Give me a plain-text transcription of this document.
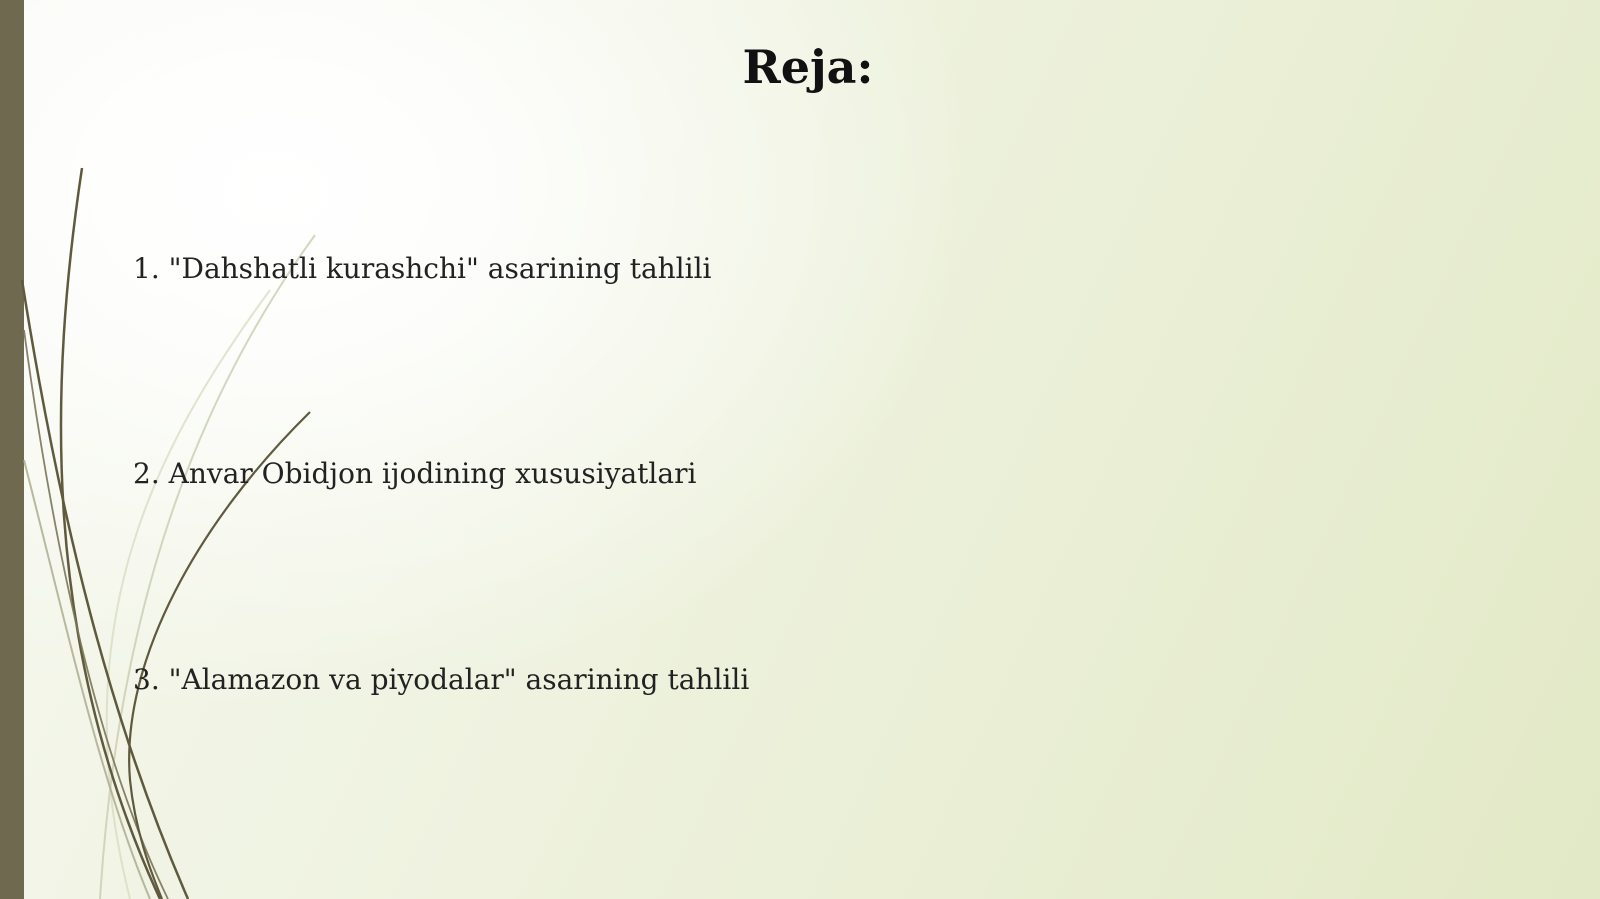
Reja:

1. "Dahshatli kurashchi" asarining tahlili

2. Anvar Obidjon ijodining xususiyatlari

3. "Alamazon va piyodalar" asarining tahlili
